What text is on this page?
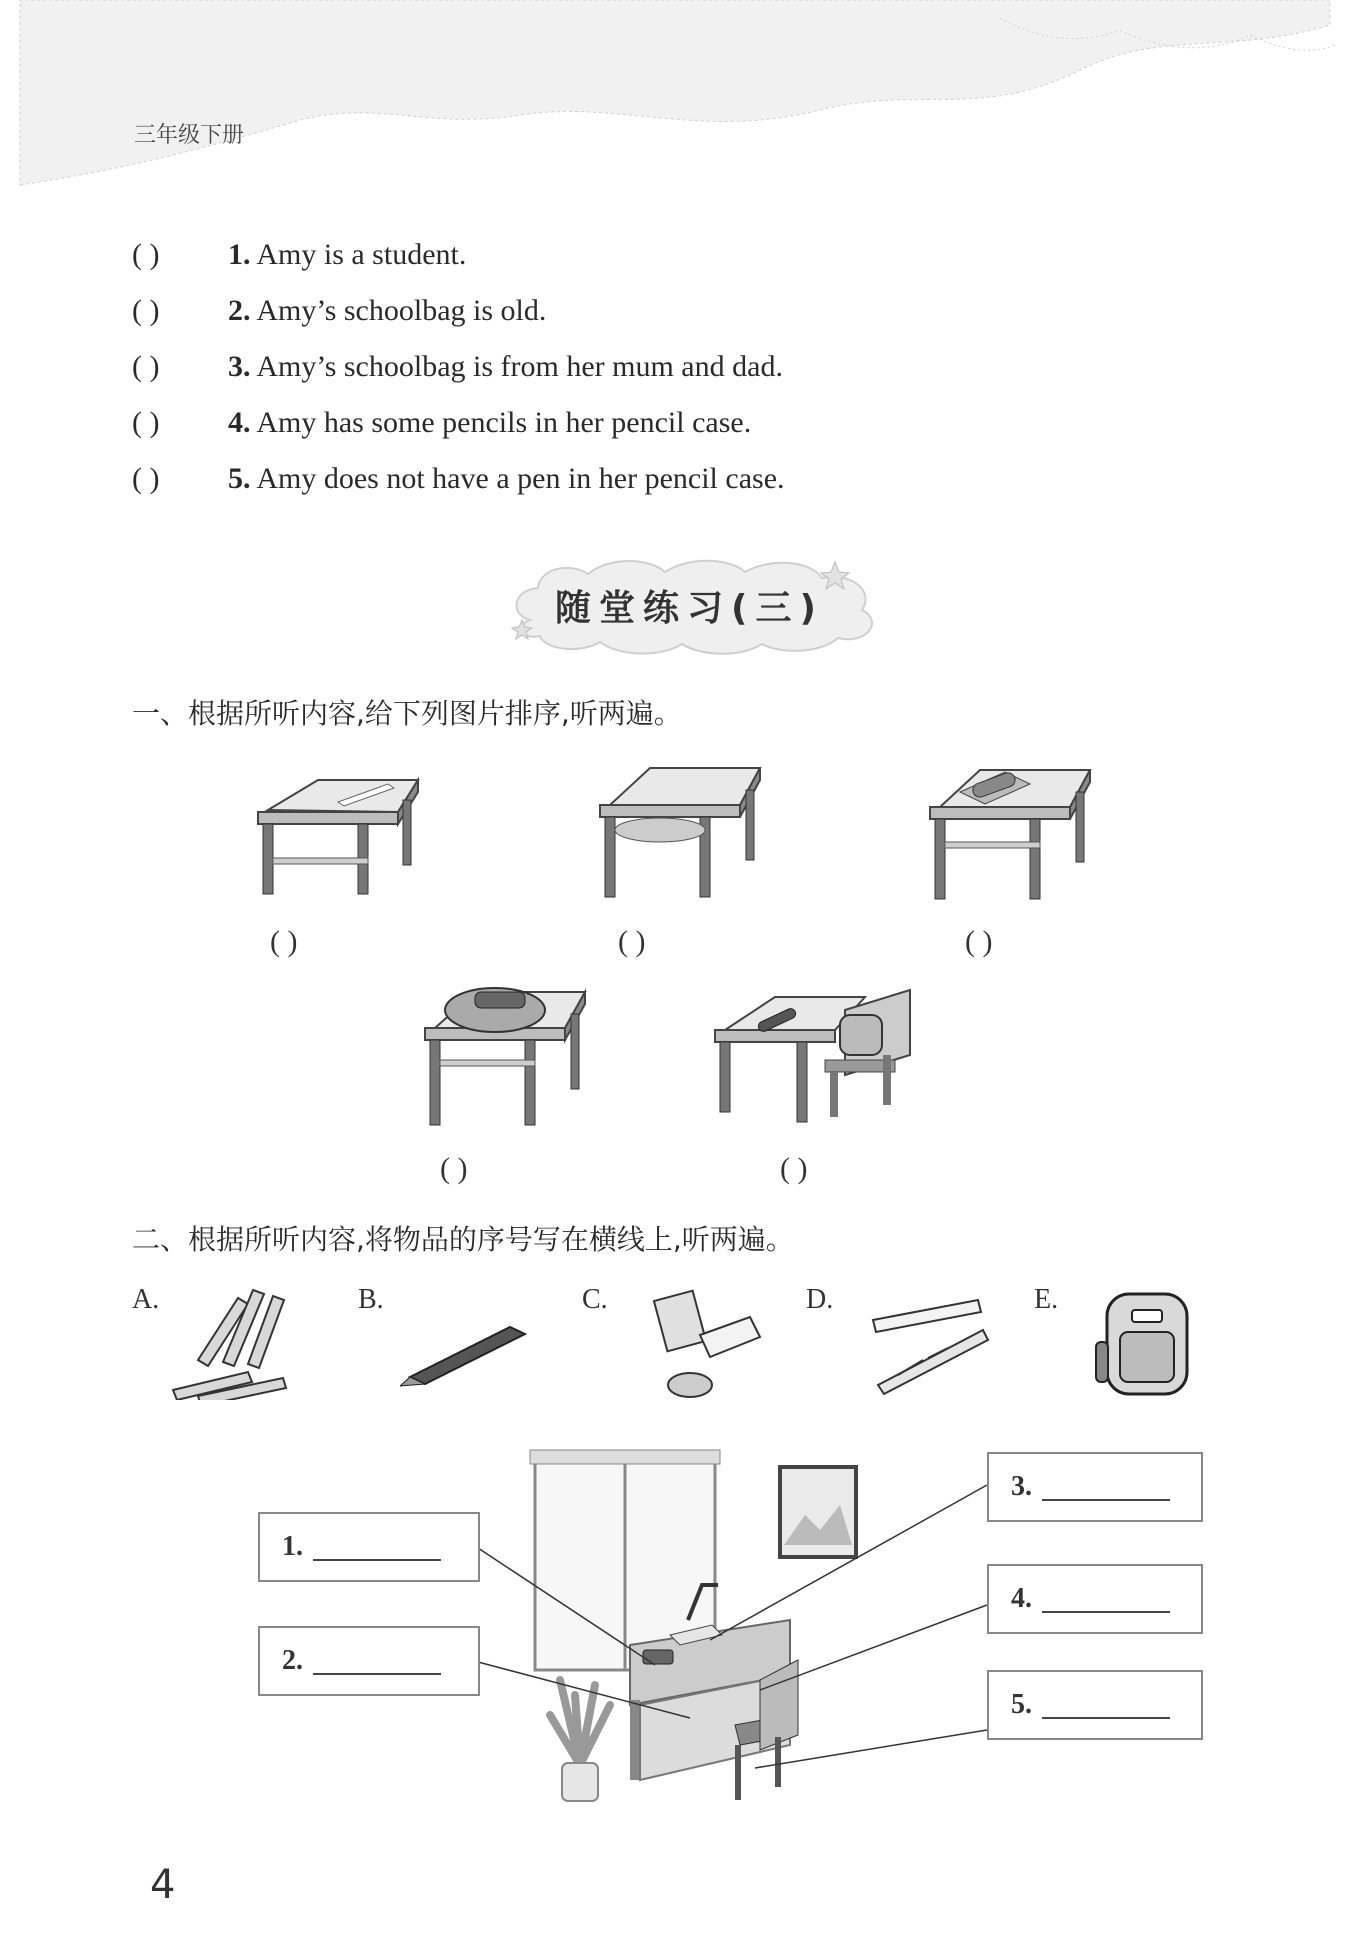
三年级下册
( ) 1. Amy is a student.
( ) 2. Amy’s schoolbag is old.
( ) 3. Amy’s schoolbag is from her mum and dad.
( ) 4. Amy has some pencils in her pencil case.
( ) 5. Amy does not have a pen in her pencil case.
随堂练习(三)
一、根据所听内容,给下列图片排序,听两遍。
( )	( )	( )
( )	( )
二、根据所听内容,将物品的序号写在横线上,听两遍。
A.	B.	C.	D.	E.
1.
2.
3.
4.
5.
4
